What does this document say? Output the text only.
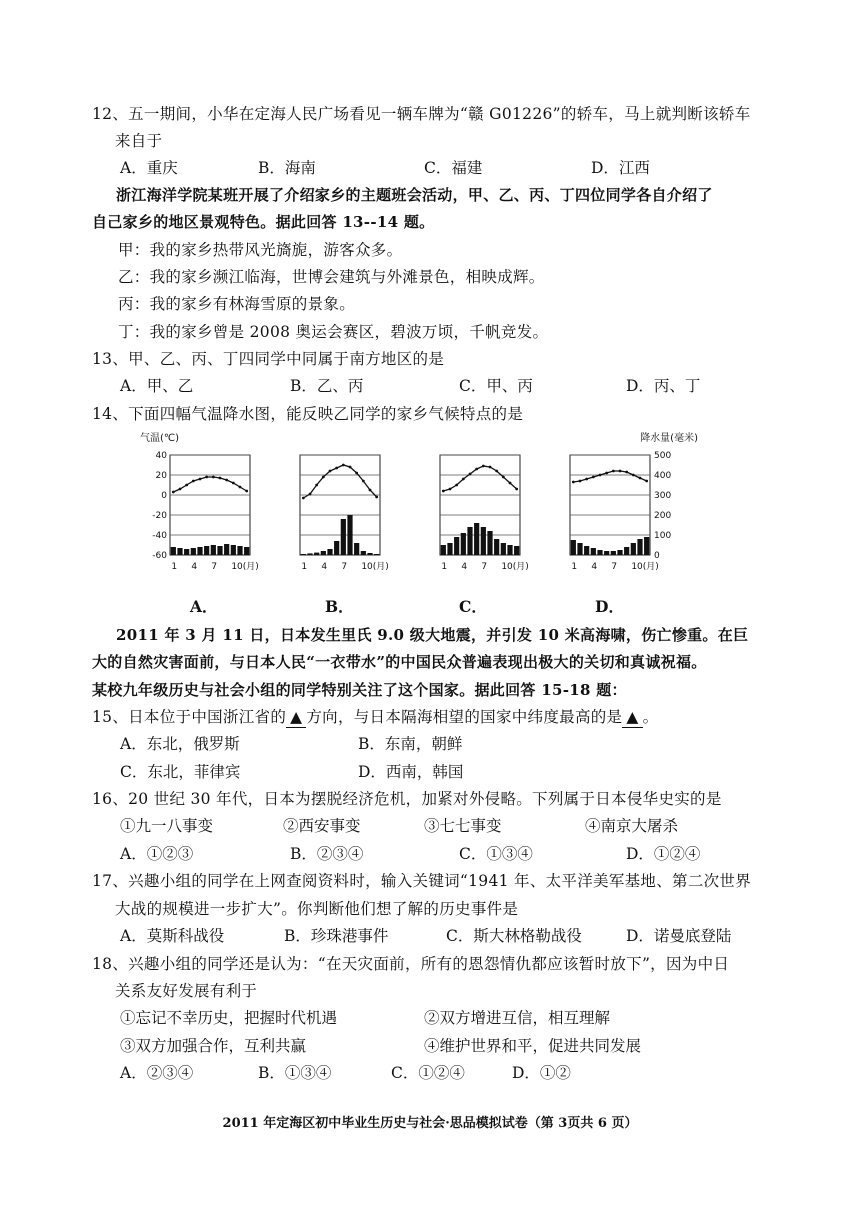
12、五一期间，小华在定海人民广场看见一辆车牌为“赣 G01226”的轿车，马上就判断该轿车
来自于
A．重庆	B．海南	C．福建	D．江西
浙江海洋学院某班开展了介绍家乡的主题班会活动，甲、乙、丙、丁四位同学各自介绍了
自己家乡的地区景观特色。据此回答 13--14 题。
甲：我的家乡热带风光旖旎，游客众多。
乙：我的家乡濒江临海，世博会建筑与外滩景色，相映成辉。
丙：我的家乡有林海雪原的景象。
丁：我的家乡曾是 2008 奥运会赛区，碧波万顷，千帆竞发。
13、甲、乙、丙、丁四同学中同属于南方地区的是
A．甲、乙	B．乙、丙	C．甲、丙	D．丙、丁
14、下面四幅气温降水图，能反映乙同学的家乡气候特点的是
1 4 7 10(月)
40
20
0
-20
-40
-60
气温(℃)
1 4 7 10(月)	1 4 7 10(月)	1 4 7 10(月)
500
400
300
200
100
0
降水量(毫米)
A．	B．	C．	D．
2011 年 3 月 11 日，日本发生里氏 9.0 级大地震，并引发 10 米高海啸，伤亡惨重。在巨
大的自然灾害面前，与日本人民“一衣带水”的中国民众普遍表现出极大的关切和真诚祝福。
某校九年级历史与社会小组的同学特别关注了这个国家。据此回答 15-18 题：
15、日本位于中国浙江省的 ▲ 方向，与日本隔海相望的国家中纬度最高的是 ▲ 。
A．东北，俄罗斯	B．东南，朝鲜
C．东北，菲律宾	D．西南，韩国
16、20 世纪 30 年代，日本为摆脱经济危机，加紧对外侵略。下列属于日本侵华史实的是
①九一八事变	②西安事变	③七七事变	④南京大屠杀
A．①②③	B．②③④	C．①③④	D．①②④
17、兴趣小组的同学在上网查阅资料时，输入关键词“1941 年、太平洋美军基地、第二次世界
大战的规模进一步扩大”。你判断他们想了解的历史事件是
A．莫斯科战役	B．珍珠港事件	C．斯大林格勒战役	D．诺曼底登陆
18、兴趣小组的同学还是认为：“在天灾面前，所有的恩怨情仇都应该暂时放下”，因为中日
关系友好发展有利于
①忘记不幸历史，把握时代机遇	②双方增进互信，相互理解
③双方加强合作，互利共赢	④维护世界和平，促进共同发展
A．②③④	B．①③④	C．①②④	D．①②
2011 年定海区初中毕业生历史与社会·思品模拟试卷（第 3页共 6 页）
